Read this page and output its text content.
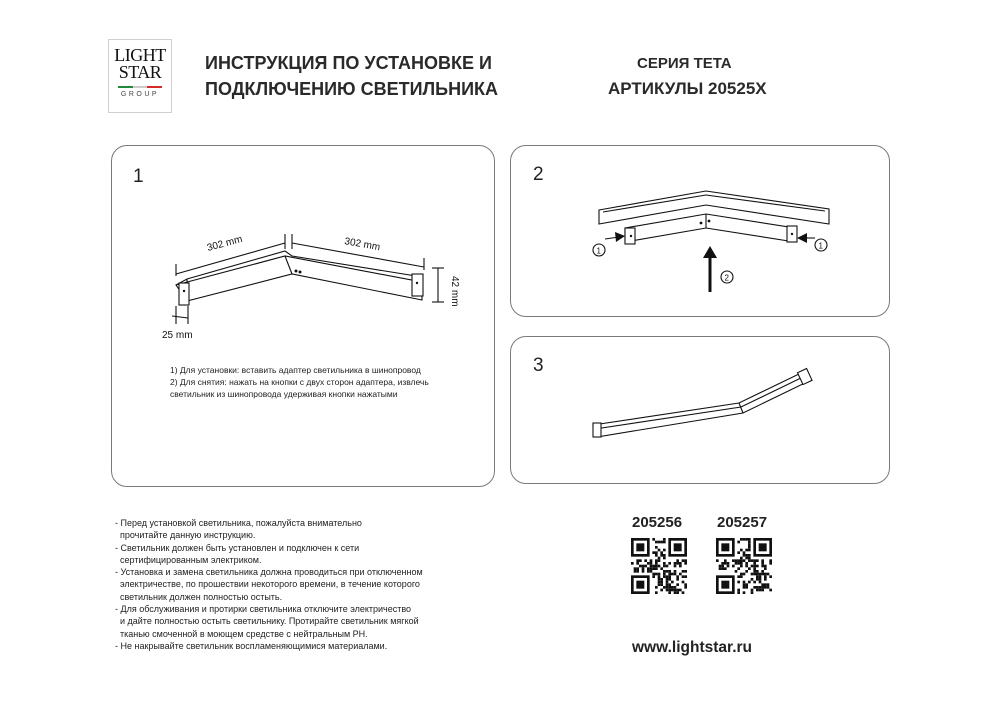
LIGHT
STAR
GROUP
ИНСТРУКЦИЯ ПО УСТАНОВКЕ И
ПОДКЛЮЧЕНИЮ СВЕТИЛЬНИКА
СЕРИЯ TETA
АРТИКУЛЫ 20525X
1
302 mm	302 mm
42 mm
25 mm
1) Для установки: вставить адаптер светильника в шинопровод
2) Для снятия: нажать на кнопки с двух сторон адаптера, извлечь
светильник из шинопровода удерживая кнопки нажатыми
2
1
1
2
3
- Перед установкой светильника, пожалуйста внимательно
прочитайте данную инструкцию.
- Светильник должен быть установлен и подключен к сети
сертифицированным электриком.
- Установка и замена светильника должна проводиться при отключенном
электричестве, по прошествии некоторого времени, в течение которого
светильник должен полностью остыть.
- Для обслуживания и протирки светильника отключите электричество
и дайте полностью остыть светильнику. Протирайте светильник мягкой
тканью смоченной в моющем средстве с нейтральным PH.
- Не накрывайте светильник воспламеняющимися материалами.
205256 205257
www.lightstar.ru
